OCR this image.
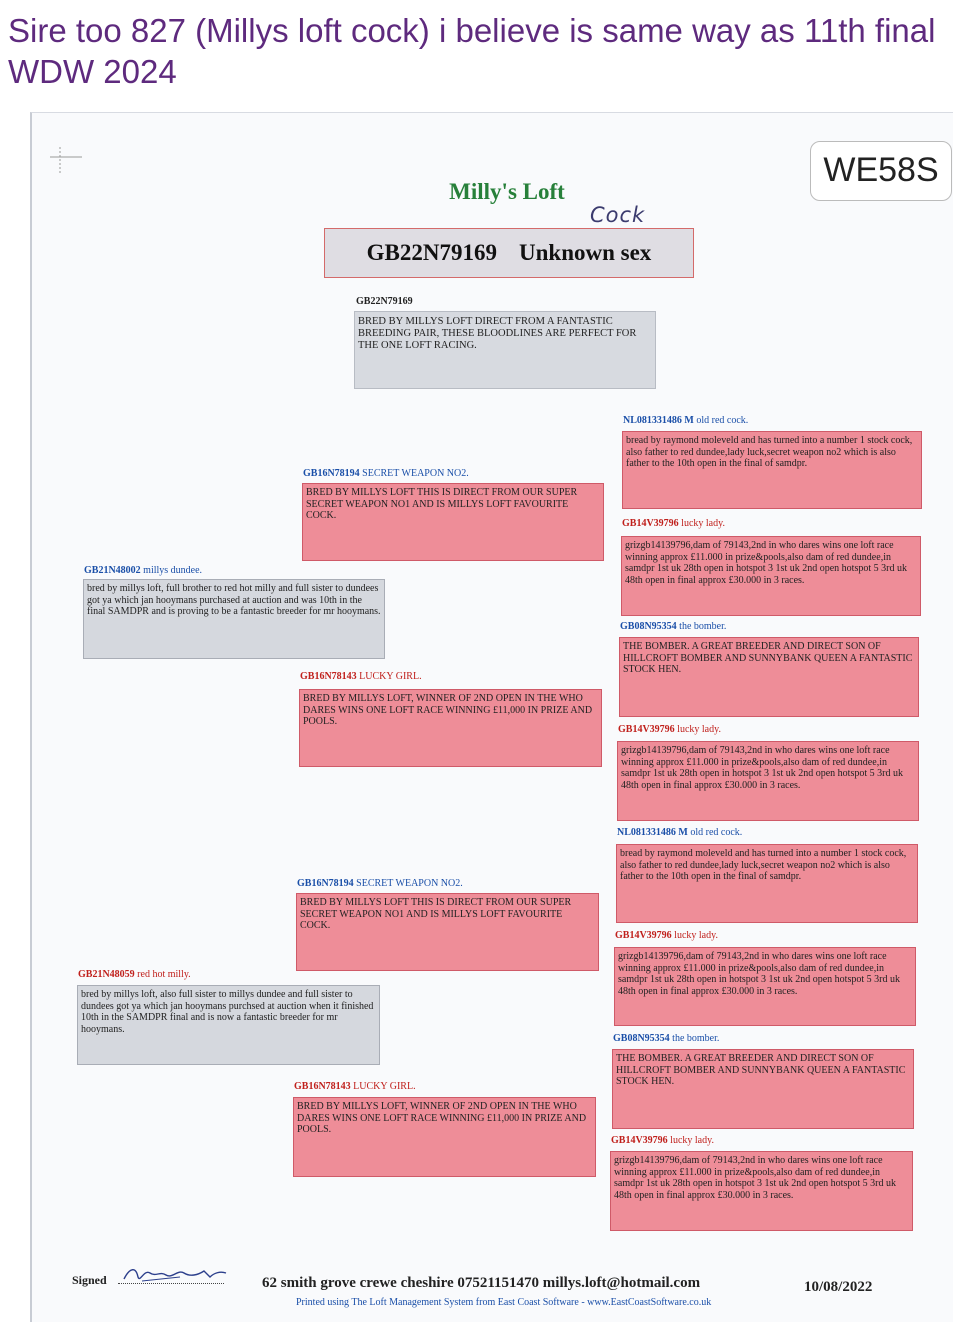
Sire too 827 (Millys loft cock) i believe is same way as 11th final WDW 2024
WE58S
Milly's Loft
Cock
GB22N79169 Unknown sex
GB22N79169
BRED BY MILLYS LOFT DIRECT FROM A FANTASTIC BREEDING PAIR, THESE BLOODLINES ARE PERFECT FOR THE ONE LOFT RACING.
GB21N48002 millys dundee.
bred by millys loft, full brother to red hot milly and full sister to dundees got ya which jan hooymans purchased at auction and was 10th in the final SAMDPR and is proving to be a fantastic breeder for mr hooymans.
GB21N48059 red hot milly.
bred by millys loft, also full sister to millys dundee and full sister to dundees got ya which jan hooymans purchsed at auction when it finished 10th in the SAMDPR final and is now a fantastic breeder for mr hooymans.
GB16N78194 SECRET WEAPON NO2.
BRED BY MILLYS LOFT THIS IS DIRECT FROM OUR SUPER SECRET WEAPON NO1 AND IS MILLYS LOFT FAVOURITE COCK.
GB16N78143 LUCKY GIRL.
BRED BY MILLYS LOFT, WINNER OF 2ND OPEN IN THE WHO DARES WINS ONE LOFT RACE WINNING £11,000 IN PRIZE AND POOLS.
GB16N78194 SECRET WEAPON NO2.
BRED BY MILLYS LOFT THIS IS DIRECT FROM OUR SUPER SECRET WEAPON NO1 AND IS MILLYS LOFT FAVOURITE COCK.
GB16N78143 LUCKY GIRL.
BRED BY MILLYS LOFT, WINNER OF 2ND OPEN IN THE WHO DARES WINS ONE LOFT RACE WINNING £11,000 IN PRIZE AND POOLS.
NL081331486 M old red cock.
bread by raymond moleveld and has turned into a number 1 stock cock, also father to red dundee,lady luck,secret weapon no2 which is also father to the 10th open in the final of samdpr.
GB14V39796 lucky lady.
grizgb14139796,dam of 79143,2nd in who dares wins one loft race winning approx £11.000 in prize&pools,also dam of red dundee,in samdpr 1st uk 28th open in hotspot 3 1st uk 2nd open hotspot 5 3rd uk 48th open in final approx £30.000 in 3 races.
GB08N95354 the bomber.
THE BOMBER. A GREAT BREEDER AND DIRECT SON OF HILLCROFT BOMBER AND SUNNYBANK QUEEN A FANTASTIC STOCK HEN.
GB14V39796 lucky lady.
grizgb14139796,dam of 79143,2nd in who dares wins one loft race winning approx £11.000 in prize&pools,also dam of red dundee,in samdpr 1st uk 28th open in hotspot 3 1st uk 2nd open hotspot 5 3rd uk 48th open in final approx £30.000 in 3 races.
NL081331486 M old red cock.
bread by raymond moleveld and has turned into a number 1 stock cock, also father to red dundee,lady luck,secret weapon no2 which is also father to the 10th open in the final of samdpr.
GB14V39796 lucky lady.
grizgb14139796,dam of 79143,2nd in who dares wins one loft race winning approx £11.000 in prize&pools,also dam of red dundee,in samdpr 1st uk 28th open in hotspot 3 1st uk 2nd open hotspot 5 3rd uk 48th open in final approx £30.000 in 3 races.
GB08N95354 the bomber.
THE BOMBER. A GREAT BREEDER AND DIRECT SON OF HILLCROFT BOMBER AND SUNNYBANK QUEEN A FANTASTIC STOCK HEN.
GB14V39796 lucky lady.
grizgb14139796,dam of 79143,2nd in who dares wins one loft race winning approx £11.000 in prize&pools,also dam of red dundee,in samdpr 1st uk 28th open in hotspot 3 1st uk 2nd open hotspot 5 3rd uk 48th open in final approx £30.000 in 3 races.
Signed	62 smith grove crewe cheshire 07521151470 millys.loft@hotmail.com	10/08/2022
Printed using The Loft Management System from East Coast Software - www.EastCoastSoftware.co.uk
